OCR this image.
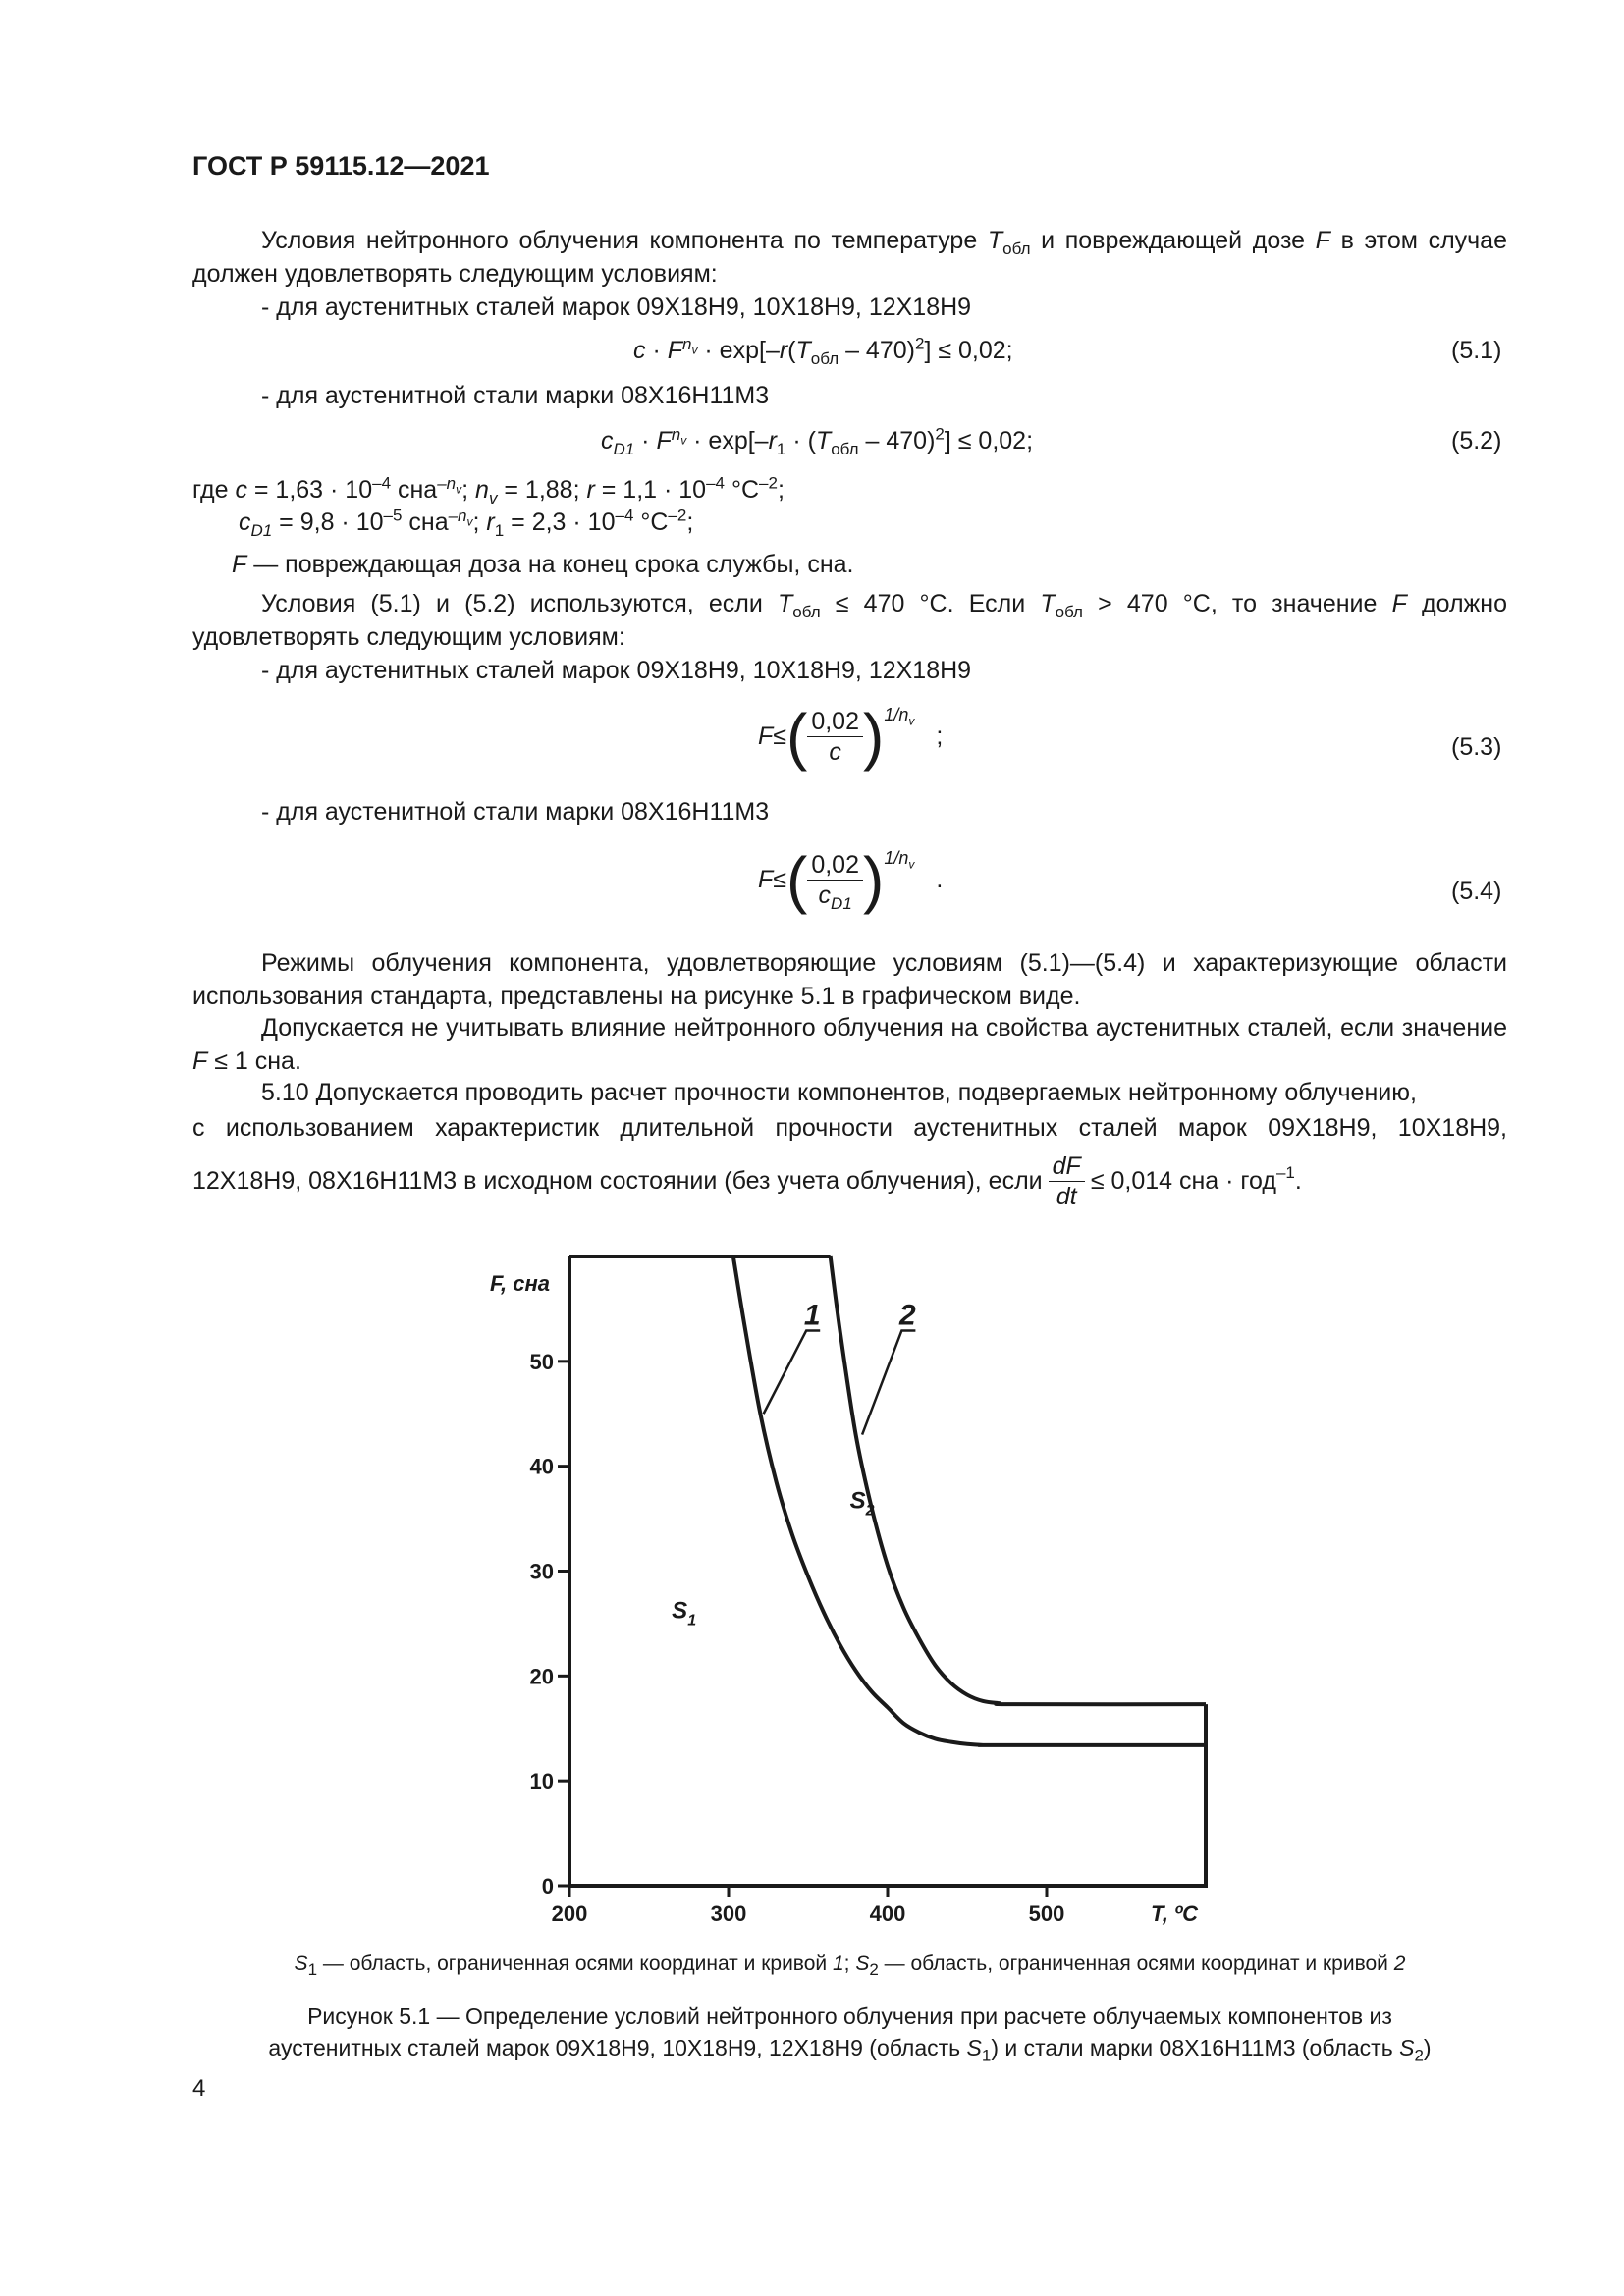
ГОСТ Р 59115.12—2021
Условия нейтронного облучения компонента по температуре $T_{обл}$ и повреждающей дозе F в этом случае должен удовлетворять следующим условиям:
- для аустенитных сталей марок 09Х18Н9, 10Х18Н9, 12Х18Н9
$c \cdot F^{n_v} \cdot \exp[-r(T_{обл} - 470)^2] \le 0,02$;	(5.1)
- для аустенитной стали марки 08Х16Н11М3
$c_{D1} \cdot F^{n_v} \cdot \exp[-r_1 \cdot (T_{обл} - 470)^2] \le 0,02$;	(5.2)
где $c = 1,63 \cdot 10^{-4}$ сна$^{-n_v}$; $n_v = 1,88$; $r = 1,1 \cdot 10^{-4}$ $^\circ С^{-2}$;
$c_{D1} = 9,8 \cdot 10^{-5}$ сна$^{-n_v}$; $r_1 = 2,3 \cdot 10^{-4}$ $^\circ С^{-2}$;
F — повреждающая доза на конец срока службы, сна.
Условия (5.1) и (5.2) используются, если $T_{обл} \le 470$ °С. Если $T_{обл} > 470$ °С, то значение F должно удовлетворять следующим условиям:
- для аустенитных сталей марок 09Х18Н9, 10Х18Н9, 12Х18Н9
F ≤ ( $\frac{0,02}{c}$ ) $1/n_v$
;	(5.3)
- для аустенитной стали марки 08Х16Н11М3
F ≤ ( $\frac{0,02}{c_{D1}}$ ) $1/n_v$
.	(5.4)
Режимы облучения компонента, удовлетворяющие условиям (5.1)—(5.4) и характеризующие области использования стандарта, представлены на рисунке 5.1 в графическом виде.
Допускается не учитывать влияние нейтронного облучения на свойства аустенитных сталей, если значение F ≤ 1 сна.
5.10 Допускается проводить расчет прочности компонентов, подвергаемых нейтронному облучению,
с использованием характеристик длительной прочности аустенитных сталей марок 09Х18Н9, 10Х18Н9,
12Х18Н9, 08Х16Н11М3 в исходном состоянии (без учета облучения), если $\frac{dF}{dt} \le 0,014$ сна · год$^{-1}$ .
0
10
20
30
40
50
200	300	400	500
F, сна
T, ºС
1	2
$S_1$
$S_2$
$S_1$ — область, ограниченная осями координат и кривой 1; $S_2$ — область, ограниченная осями координат и кривой 2
Рисунок 5.1 — Определение условий нейтронного облучения при расчете облучаемых компонентов из
аустенитных сталей марок 09Х18Н9, 10Х18Н9, 12Х18Н9 (область $S_1$) и стали марки 08Х16Н11М3 (область $S_2$)
4
